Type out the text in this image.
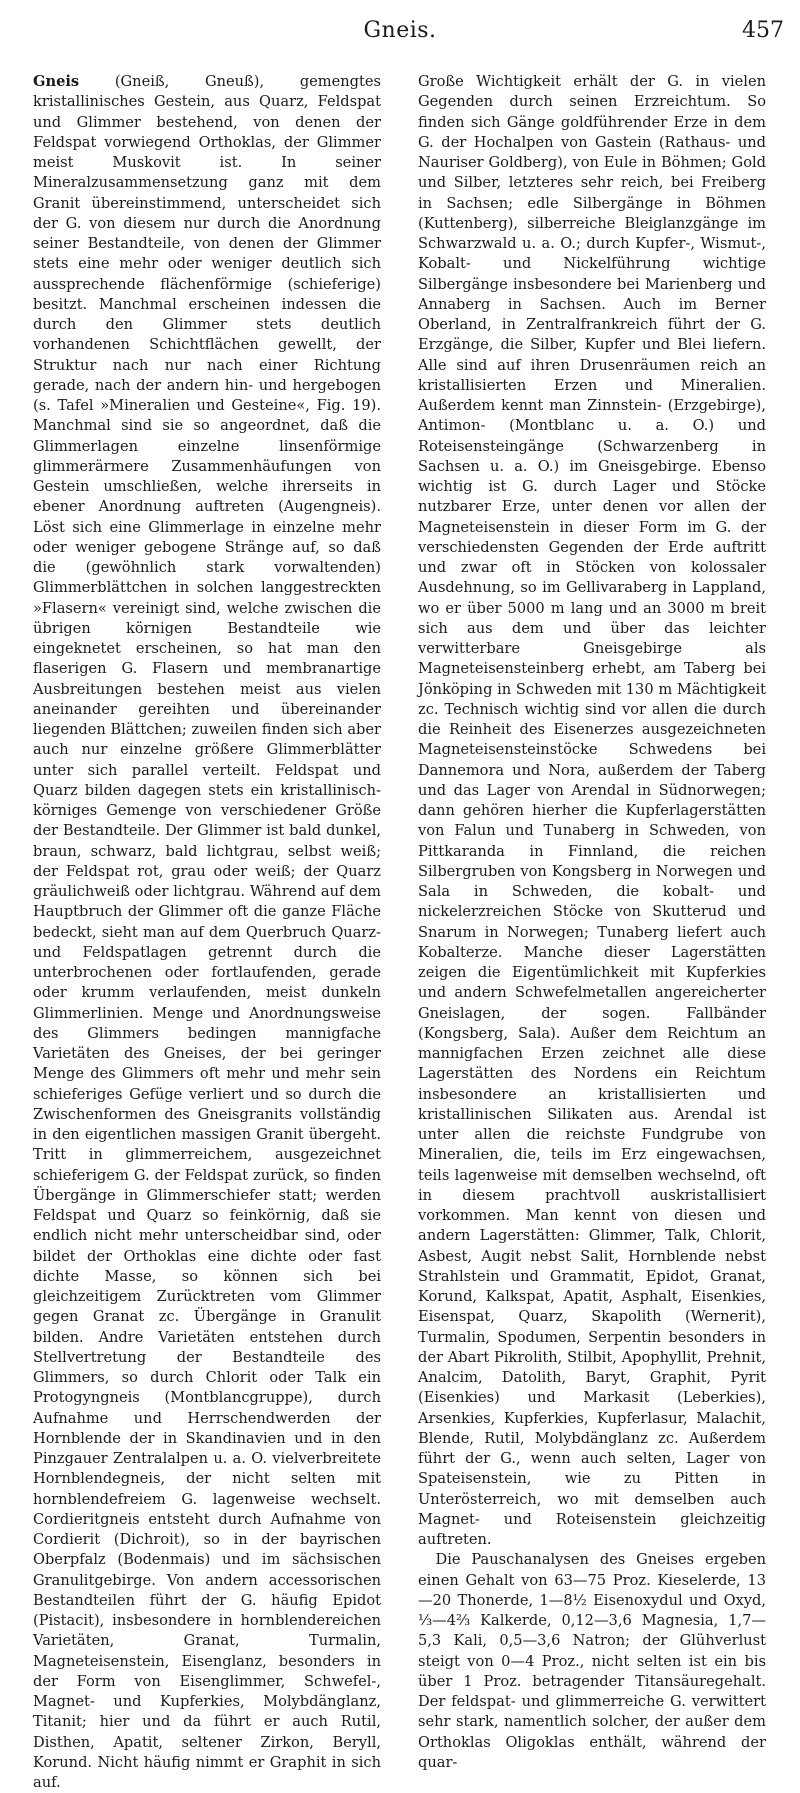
Gneis.	457

Gneis (Gneiß, Gneuß), gemengtes kristallinisches Gestein, aus Quarz, Feldspat und Glimmer bestehend, von denen der Feldspat vorwiegend Orthoklas, der Glimmer meist Muskovit ist. In seiner Mineralzusammensetzung ganz mit dem Granit übereinstimmend, unterscheidet sich der G. von diesem nur durch die Anordnung seiner Bestandteile, von denen der Glimmer stets eine mehr oder weniger deutlich sich aussprechende flächenförmige (schieferige) besitzt. Manchmal erscheinen indessen die durch den Glimmer stets deutlich vorhandenen Schichtflächen gewellt, der Struktur nach nur nach einer Richtung gerade, nach der andern hin- und hergebogen (s. Tafel »Mineralien und Gesteine«, Fig. 19). Manchmal sind sie so angeordnet, daß die Glimmerlagen einzelne linsenförmige glimmerärmere Zusammenhäufungen von Gestein umschließen, welche ihrerseits in ebener Anordnung auftreten (Augengneis). Löst sich eine Glimmerlage in einzelne mehr oder weniger gebogene Stränge auf, so daß die (gewöhnlich stark vorwaltenden) Glimmerblättchen in solchen langgestreckten »Flasern« vereinigt sind, welche zwischen die übrigen körnigen Bestandteile wie eingeknetet erscheinen, so hat man den flaserigen G. Flasern und membranartige Ausbreitungen bestehen meist aus vielen aneinander gereihten und übereinander liegenden Blättchen; zuweilen finden sich aber auch nur einzelne größere Glimmerblätter unter sich parallel verteilt. Feldspat und Quarz bilden dagegen stets ein kristallinisch-körniges Gemenge von verschiedener Größe der Bestandteile. Der Glimmer ist bald dunkel, braun, schwarz, bald lichtgrau, selbst weiß; der Feldspat rot, grau oder weiß; der Quarz gräulichweiß oder lichtgrau. Während auf dem Hauptbruch der Glimmer oft die ganze Fläche bedeckt, sieht man auf dem Querbruch Quarz- und Feldspatlagen getrennt durch die unterbrochenen oder fortlaufenden, gerade oder krumm verlaufenden, meist dunkeln Glimmerlinien. Menge und Anordnungsweise des Glimmers bedingen mannigfache Varietäten des Gneises, der bei geringer Menge des Glimmers oft mehr und mehr sein schieferiges Gefüge verliert und so durch die Zwischenformen des Gneisgranits vollständig in den eigentlichen massigen Granit übergeht. Tritt in glimmerreichem, ausgezeichnet schieferigem G. der Feldspat zurück, so finden Übergänge in Glimmerschiefer statt; werden Feldspat und Quarz so feinkörnig, daß sie endlich nicht mehr unterscheidbar sind, oder bildet der Orthoklas eine dichte oder fast dichte Masse, so können sich bei gleichzeitigem Zurücktreten vom Glimmer gegen Granat zc. Übergänge in Granulit bilden. Andre Varietäten entstehen durch Stellvertretung der Bestandteile des Glimmers, so durch Chlorit oder Talk ein Protogyngneis (Montblancgruppe), durch Aufnahme und Herrschendwerden der Hornblende der in Skandinavien und in den Pinzgauer Zentralalpen u. a. O. vielverbreitete Hornblendegneis, der nicht selten mit hornblendefreiem G. lagenweise wechselt. Cordieritgneis entsteht durch Aufnahme von Cordierit (Dichroit), so in der bayrischen Oberpfalz (Bodenmais) und im sächsischen Granulitgebirge. Von andern accessorischen Bestandteilen führt der G. häufig Epidot (Pistacit), insbesondere in hornblendereichen Varietäten, Granat, Turmalin, Magneteisenstein, Eisenglanz, besonders in der Form von Eisenglimmer, Schwefel-, Magnet- und Kupferkies, Molybdänglanz, Titanit; hier und da führt er auch Rutil, Disthen, Apatit, seltener Zirkon, Beryll, Korund. Nicht häufig nimmt er Graphit in sich auf.

Große Wichtigkeit erhält der G. in vielen Gegenden durch seinen Erzreichtum. So finden sich Gänge goldführender Erze in dem G. der Hochalpen von Gastein (Rathaus- und Nauriser Goldberg), von Eule in Böhmen; Gold und Silber, letzteres sehr reich, bei Freiberg in Sachsen; edle Silbergänge in Böhmen (Kuttenberg), silberreiche Bleiglanzgänge im Schwarzwald u. a. O.; durch Kupfer-, Wismut-, Kobalt- und Nickelführung wichtige Silbergänge insbesondere bei Marienberg und Annaberg in Sachsen. Auch im Berner Oberland, in Zentralfrankreich führt der G. Erzgänge, die Silber, Kupfer und Blei liefern. Alle sind auf ihren Drusenräumen reich an kristallisierten Erzen und Mineralien. Außerdem kennt man Zinnstein- (Erzgebirge), Antimon- (Montblanc u. a. O.) und Roteisensteingänge (Schwarzenberg in Sachsen u. a. O.) im Gneisgebirge. Ebenso wichtig ist G. durch Lager und Stöcke nutzbarer Erze, unter denen vor allen der Magneteisenstein in dieser Form im G. der verschiedensten Gegenden der Erde auftritt und zwar oft in Stöcken von kolossaler Ausdehnung, so im Gellivaraberg in Lappland, wo er über 5000 m lang und an 3000 m breit sich aus dem und über das leichter verwitterbare Gneisgebirge als Magneteisensteinberg erhebt, am Taberg bei Jönköping in Schweden mit 130 m Mächtigkeit zc. Technisch wichtig sind vor allen die durch die Reinheit des Eisenerzes ausgezeichneten Magneteisensteinstöcke Schwedens bei Dannemora und Nora, außerdem der Taberg und das Lager von Arendal in Südnorwegen; dann gehören hierher die Kupferlagerstätten von Falun und Tunaberg in Schweden, von Pittkaranda in Finnland, die reichen Silbergruben von Kongsberg in Norwegen und Sala in Schweden, die kobalt- und nickelerzreichen Stöcke von Skutterud und Snarum in Norwegen; Tunaberg liefert auch Kobalterze. Manche dieser Lagerstätten zeigen die Eigentümlichkeit mit Kupferkies und andern Schwefelmetallen angereicherter Gneislagen, der sogen. Fallbänder (Kongsberg, Sala). Außer dem Reichtum an mannigfachen Erzen zeichnet alle diese Lagerstätten des Nordens ein Reichtum insbesondere an kristallisierten und kristallinischen Silikaten aus. Arendal ist unter allen die reichste Fundgrube von Mineralien, die, teils im Erz eingewachsen, teils lagenweise mit demselben wechselnd, oft in diesem prachtvoll auskristallisiert vorkommen. Man kennt von diesen und andern Lagerstätten: Glimmer, Talk, Chlorit, Asbest, Augit nebst Salit, Hornblende nebst Strahlstein und Grammatit, Epidot, Granat, Korund, Kalkspat, Apatit, Asphalt, Eisenkies, Eisenspat, Quarz, Skapolith (Wernerit), Turmalin, Spodumen, Serpentin besonders in der Abart Pikrolith, Stilbit, Apophyllit, Prehnit, Analcim, Datolith, Baryt, Graphit, Pyrit (Eisenkies) und Markasit (Leberkies), Arsenkies, Kupferkies, Kupferlasur, Malachit, Blende, Rutil, Molybdänglanz zc. Außerdem führt der G., wenn auch selten, Lager von Spateisenstein, wie zu Pitten in Unterösterreich, wo mit demselben auch Magnet- und Roteisenstein gleichzeitig auftreten.

Die Pauschanalysen des Gneises ergeben einen Gehalt von 63—75 Proz. Kieselerde, 13—20 Thonerde, 1—8½ Eisenoxydul und Oxyd, ⅓—4⅔ Kalkerde, 0,12—3,6 Magnesia, 1,7—5,3 Kali, 0,5—3,6 Natron; der Glühverlust steigt von 0—4 Proz., nicht selten ist ein bis über 1 Proz. betragender Titansäuregehalt. Der feldspat- und glimmerreiche G. verwittert sehr stark, namentlich solcher, der außer dem Orthoklas Oligoklas enthält, während der quar-
